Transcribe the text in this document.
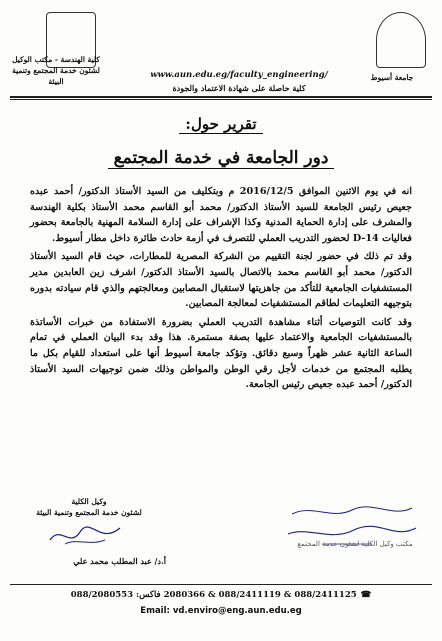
جامعة أسيوط
كلية الهندسة - مكتب الوكيل
لشئون خدمة المجتمع وتنمية
البيئة
www.aun.edu.eg/faculty_engineering/
كلية حاصلة على شهادة الاعتماد والجودة
تقرير حول:
دور الجامعة في خدمة المجتمع

انه في يوم الاثنين الموافق 2016/12/5 م وبتكليف من السيد الأستاذ الدكتور/ أحمد عبده جعيص رئيس الجامعة للسيد الأستاذ الدكتور/ محمد أبو القاسم محمد الأستاذ بكلية الهندسة والمشرف على إدارة الحماية المدنية وكذا الإشراف على إدارة السلامة المهنية بالجامعة بحضور فعاليات D-14 لحضور التدريب العملي للتصرف في أزمة حادث طائرة داخل مطار أسيوط.

وقد تم ذلك في حضور لجنة التقييم من الشركة المصرية للمطارات، حيث قام السيد الأستاذ الدكتور/ محمد أبو القاسم محمد بالاتصال بالسيد الأستاذ الدكتور/ اشرف زين العابدين مدير المستشفيات الجامعية للتأكد من جاهزيتها لاستقبال المصابين ومعالجتهم والذي قام سيادته بدوره بتوجيهه التعليمات لطاقم المستشفيات لمعالجة المصابين.

وقد كانت التوصيات أثناء مشاهدة التدريب العملي بضرورة الاستفادة من خبرات الأساتذة بالمستشفيات الجامعية والاعتماد عليها بصفة مستمرة. هذا وقد بدء البيان العملي في تمام الساعة الثانية عشر ظهراً وسبع دقائق. وتؤكد جامعة أسيوط أنها على استعداد للقيام بكل ما يطلبه المجتمع من خدمات لأجل رقي الوطن والمواطن وذلك ضمن توجيهات السيد الأستاذ الدكتور/ أحمد عبده جعيص رئيس الجامعة.

وكيل الكلية
لشئون خدمة المجتمع وتنمية البيئة
أ.د/ عبد المطلب محمد علي
مكتب وكيل الكلية لشئون خدمة المجتمع
☎088/2411125 & 088/2411119 & 2080366 فاكس: 088/2080553
Email: vd.enviro@eng.aun.edu.eg
